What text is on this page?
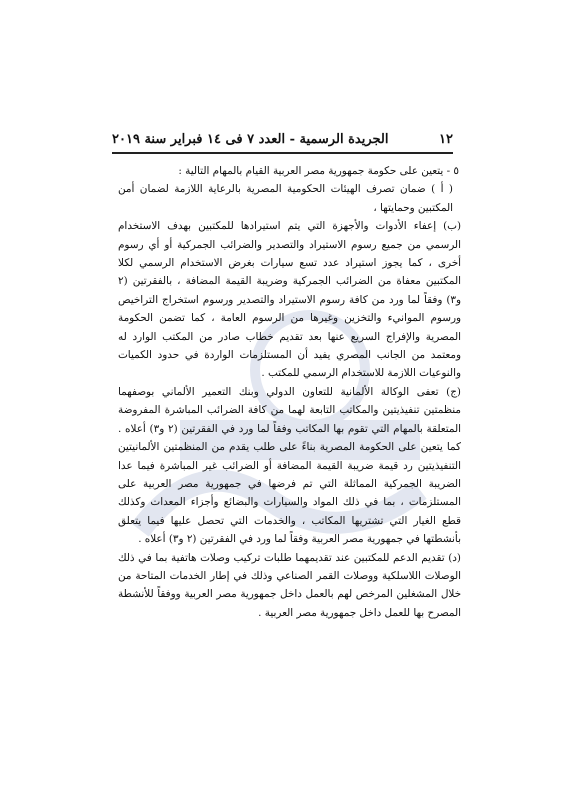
١٢
الجريدة الرسمية - العدد ٧ فى ١٤ فبراير سنة ٢٠١٩

٥ - يتعين على حكومة جمهورية مصر العربية القيام بالمهام التالية :

( أ ) ضمان تصرف الهيئات الحكومية المصرية بالرعاية اللازمة لضمان أمن المكتبين وحمايتها ،

(ب) إعفاء الأدوات والأجهزة التي يتم استيرادها للمكتبين بهدف الاستخدام الرسمي من جميع رسوم الاستيراد والتصدير والضرائب الجمركية أو أي رسوم أخرى ، كما يجوز استيراد عدد تسع سيارات بغرض الاستخدام الرسمي لكلا المكتبين معفاة من الضرائب الجمركية وضريبة القيمة المضافة ، بالفقرتين (٢ و٣) وفقاً لما ورد من كافة رسوم الاستيراد والتصدير ورسوم استخراج التراخيص ورسوم الموانيء والتخزين وغيرها من الرسوم العامة ، كما تضمن الحكومة المصرية والإفراج السريع عنها بعد تقديم خطاب صادر من المكتب الوارد له ومعتمد من الجانب المصري يفيد أن المستلزمات الواردة في حدود الكميات والنوعيات اللازمة للاستخدام الرسمي للمكتب .

(ج) تعفى الوكالة الألمانية للتعاون الدولي وبنك التعمير الألماني بوصفهما منظمتين تنفيذيتين والمكاتب التابعة لهما من كافة الضرائب المباشرة المفروضة المتعلقة بالمهام التي تقوم بها المكاتب وفقاً لما ورد في الفقرتين (٢ و٣) أعلاه . كما يتعين على الحكومة المصرية بناءً على طلب يقدم من المنظمتين الألمانيتين التنفيذيتين رد قيمة ضريبة القيمة المضافة أو الضرائب غير المباشرة فيما عدا الضريبة الجمركية المماثلة التي تم فرضها في جمهورية مصر العربية على المستلزمات ، بما في ذلك المواد والسيارات والبضائع وأجزاء المعدات وكذلك قطع الغيار التي تشتريها المكاتب ، والخدمات التي تحصل عليها فيما يتعلق بأنشطتها في جمهورية مصر العربية وفقاً لما ورد في الفقرتين (٢ و٣) أعلاه .

(د) تقديم الدعم للمكتبين عند تقديمهما طلبات تركيب وصلات هاتفية بما في ذلك الوصلات اللاسلكية ووصلات القمر الصناعي وذلك في إطار الخدمات المتاحة من خلال المشغلين المرخص لهم بالعمل داخل جمهورية مصر العربية ووفقاً للأنشطة المصرح بها للعمل داخل جمهورية مصر العربية .
